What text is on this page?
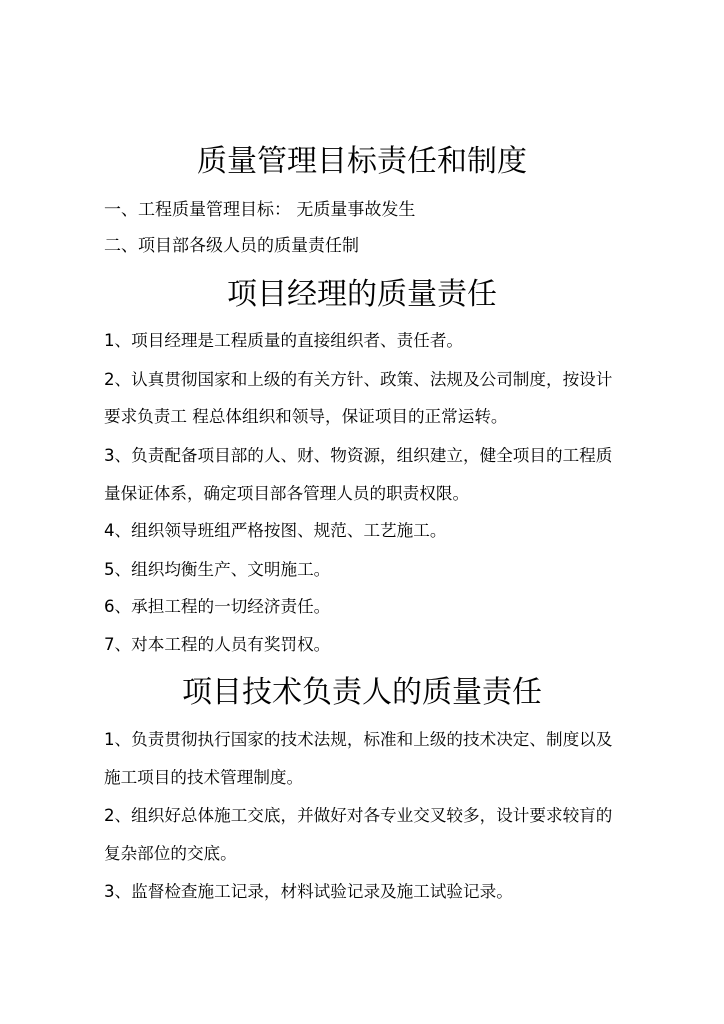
质量管理目标责任和制度

一、工程质量管理目标： 无质量事故发生

二、项目部各级人员的质量责任制

项目经理的质量责任

1、项目经理是工程质量的直接组织者、责任者。

2、认真贯彻国家和上级的有关方针、政策、法规及公司制度，按设计

要求负责工 程总体组织和领导，保证项目的正常运转。

3、负责配备项目部的人、财、物资源，组织建立，健全项目的工程质

量保证体系，确定项目部各管理人员的职责权限。

4、组织领导班组严格按图、规范、工艺施工。

5、组织均衡生产、文明施工。

6、承担工程的一切经济责任。

7、对本工程的人员有奖罚权。

项目技术负责人的质量责任

1、负责贯彻执行国家的技术法规，标准和上级的技术决定、制度以及

施工项目的技术管理制度。

2、组织好总体施工交底，并做好对各专业交叉较多，设计要求较肓的

复杂部位的交底。

3、监督检查施工记录，材料试验记录及施工试验记录。
